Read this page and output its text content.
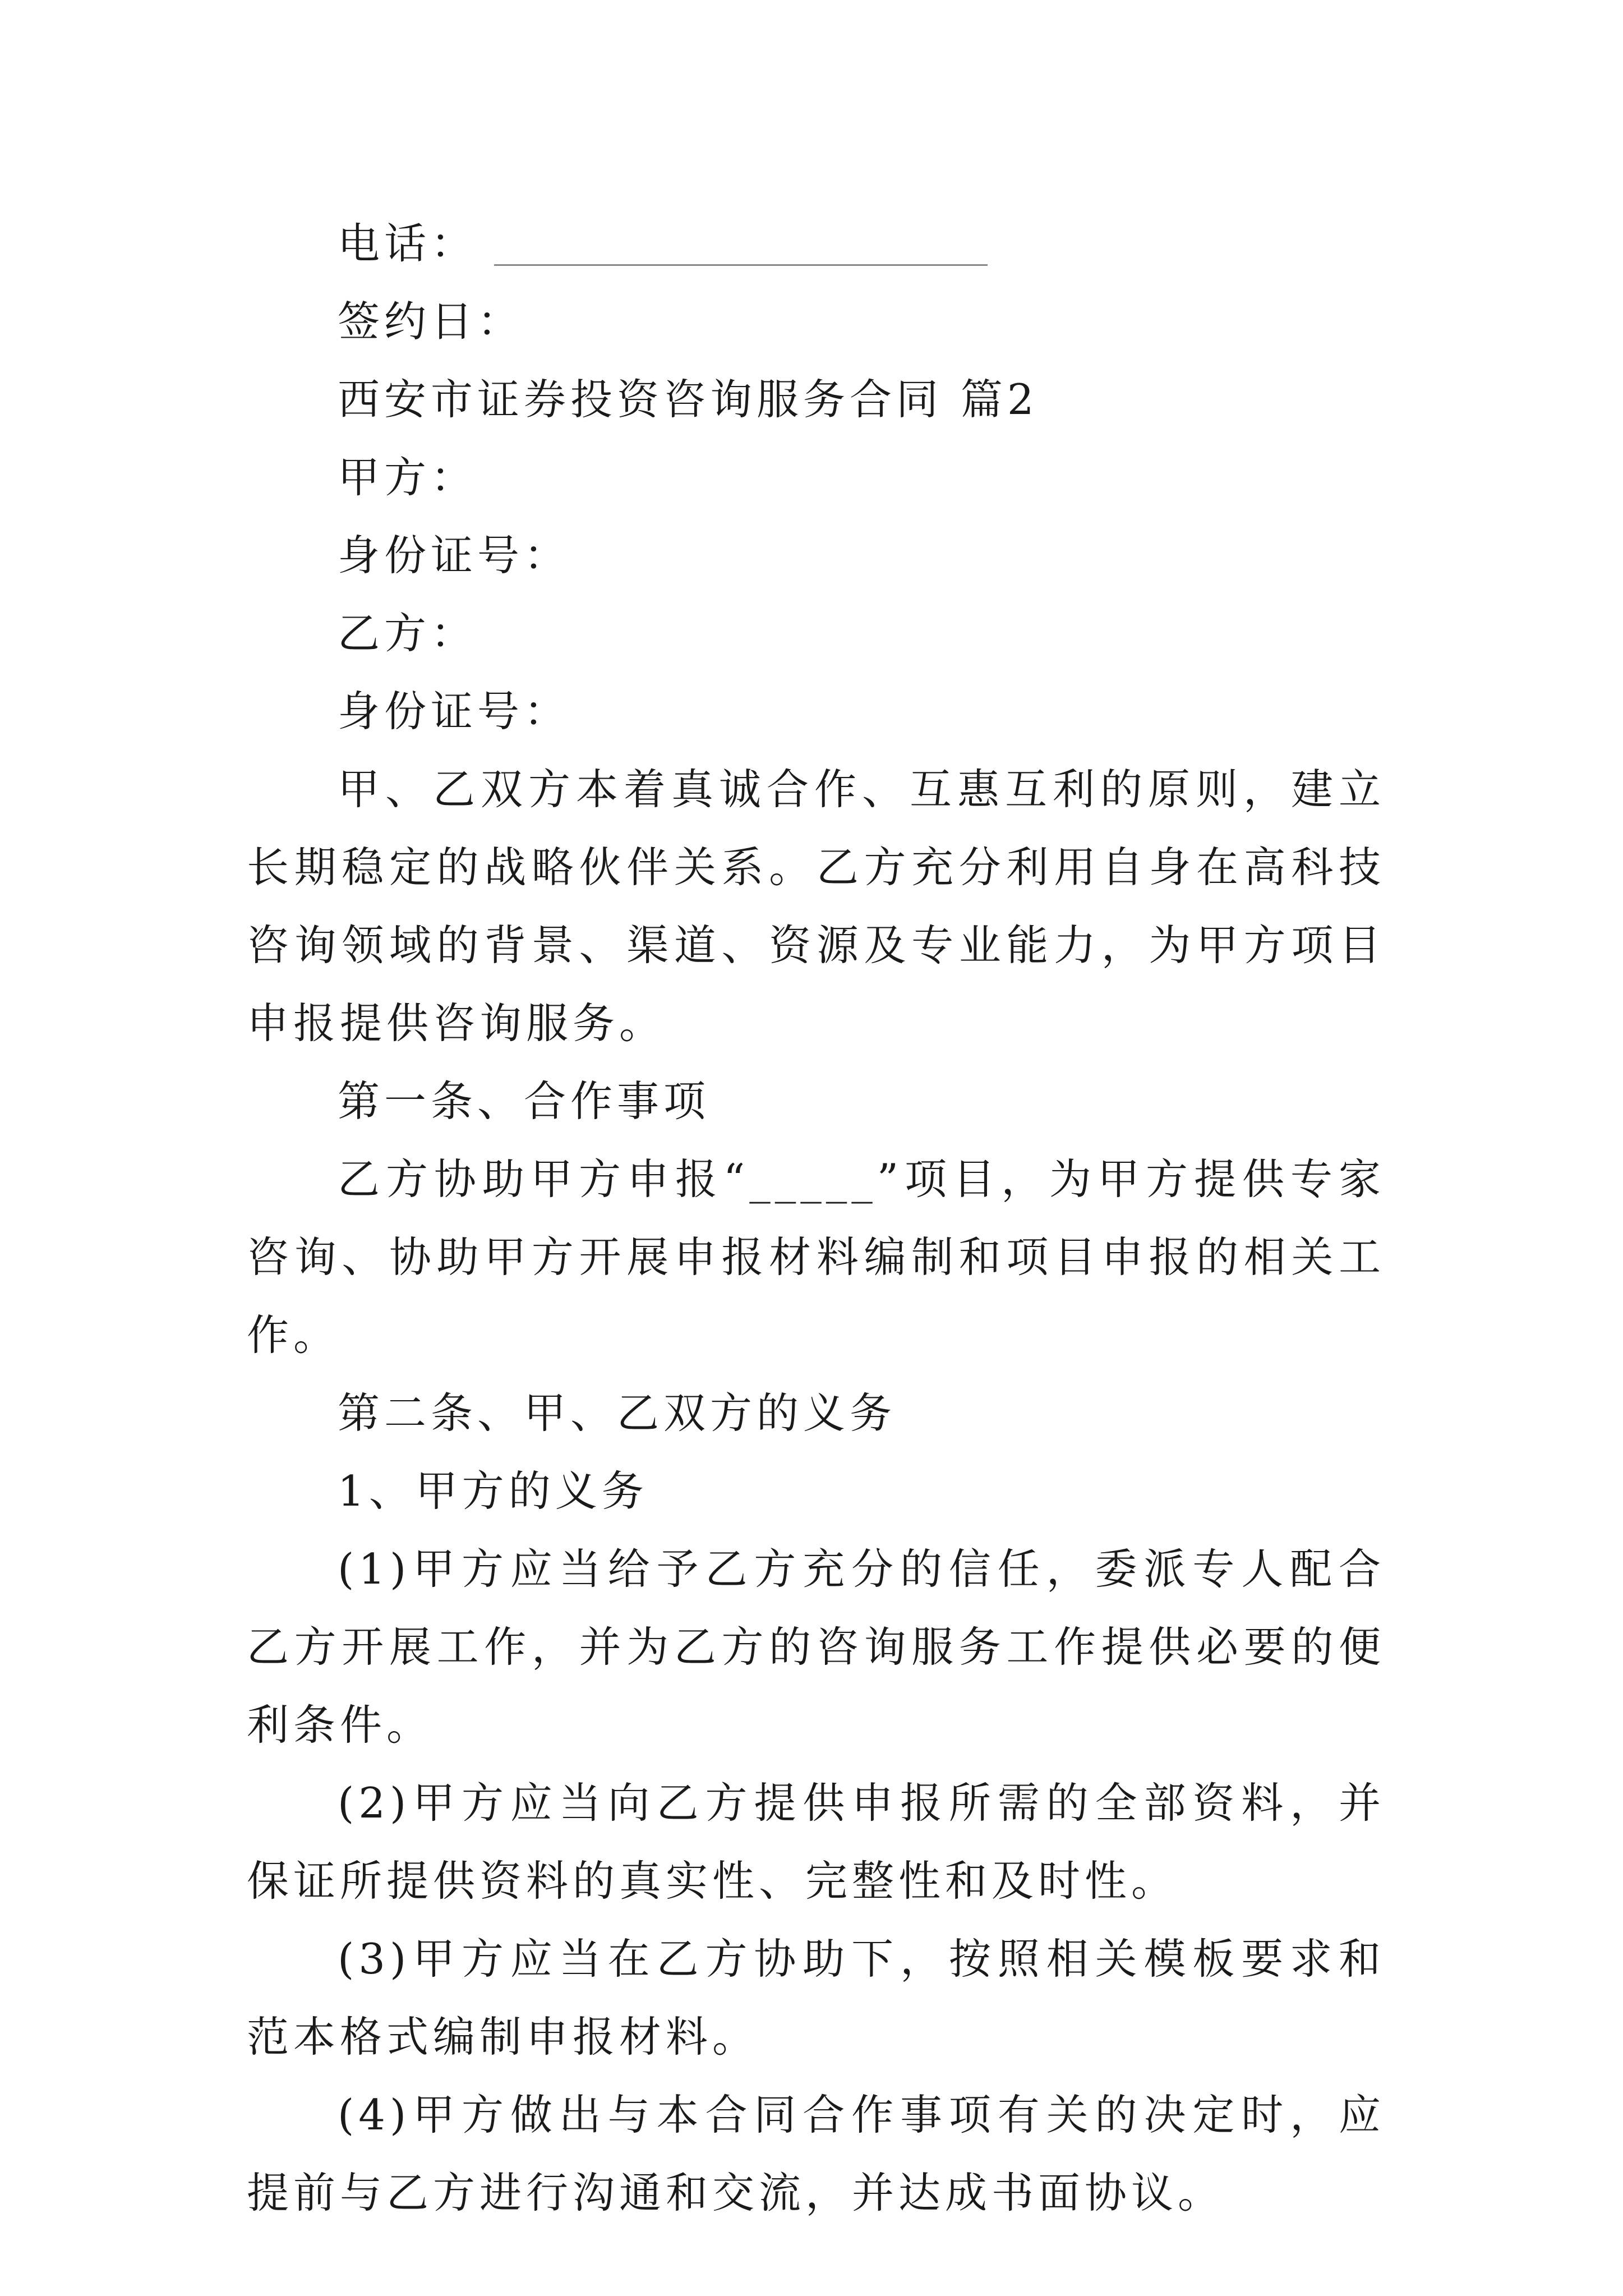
电话：

签约日：

西安市证券投资咨询服务合同 篇2

甲方：

身份证号：

乙方：

身份证号：

甲、乙双方本着真诚合作、互惠互利的原则，建立长期稳定的战略伙伴关系。乙方充分利用自身在高科技咨询领域的背景、渠道、资源及专业能力，为甲方项目申报提供咨询服务。

第一条、合作事项

乙方协助甲方申报“_____”项目，为甲方提供专家咨询、协助甲方开展申报材料编制和项目申报的相关工作。

第二条、甲、乙双方的义务

1、甲方的义务

(1)甲方应当给予乙方充分的信任，委派专人配合乙方开展工作，并为乙方的咨询服务工作提供必要的便利条件。

(2)甲方应当向乙方提供申报所需的全部资料，并保证所提供资料的真实性、完整性和及时性。

(3)甲方应当在乙方协助下，按照相关模板要求和范本格式编制申报材料。

(4)甲方做出与本合同合作事项有关的决定时，应提前与乙方进行沟通和交流，并达成书面协议。
